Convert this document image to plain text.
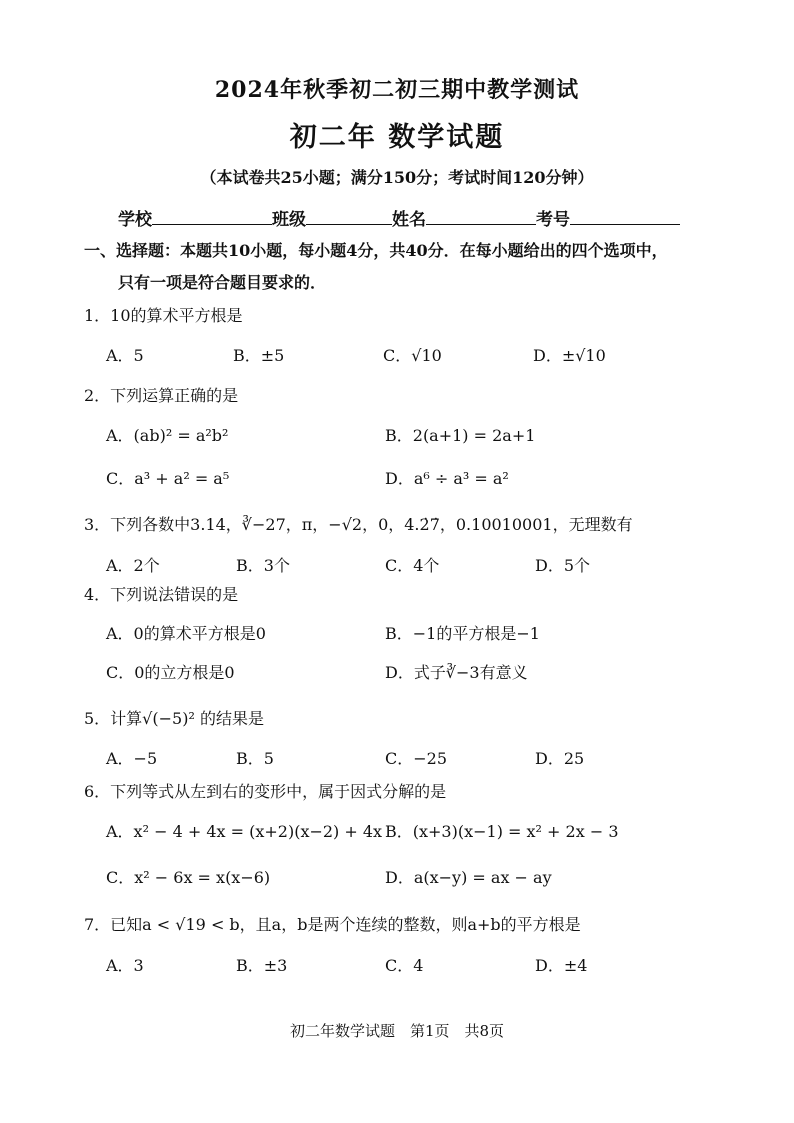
2024年秋季初二初三期中教学测试
初二年 数学试题
（本试卷共25小题；满分150分；考试时间120分钟）
学校	班级	姓名	考号
一、选择题：本题共10小题，每小题4分，共40分．在每小题给出的四个选项中，
只有一项是符合题目要求的．
1．10的算术平方根是
A．5	B．±5	C．√10	D．±√10
2．下列运算正确的是
A．(ab)² = a²b²	B．2(a+1) = 2a+1
C．a³ + a² = a⁵	D．a⁶ ÷ a³ = a²
3．下列各数中3.14，∛−27，π，−√2，0，4.2̇7̇，0.10010001，无理数有
A．2个	B．3个	C．4个	D．5个
4．下列说法错误的是
A．0的算术平方根是0	B．−1的平方根是−1
C．0的立方根是0	D．式子∛−3有意义
5．计算√(−5)² 的结果是
A．−5	B．5	C．−25	D．25
6．下列等式从左到右的变形中，属于因式分解的是
A．x² − 4 + 4x = (x+2)(x−2) + 4x B．(x+3)(x−1) = x² + 2x − 3
C．x² − 6x = x(x−6)	D．a(x−y) = ax − ay
7．已知a < √19 < b，且a，b是两个连续的整数，则a+b的平方根是
A．3	B．±3	C．4	D．±4
初二年数学试题　第1页　共8页
